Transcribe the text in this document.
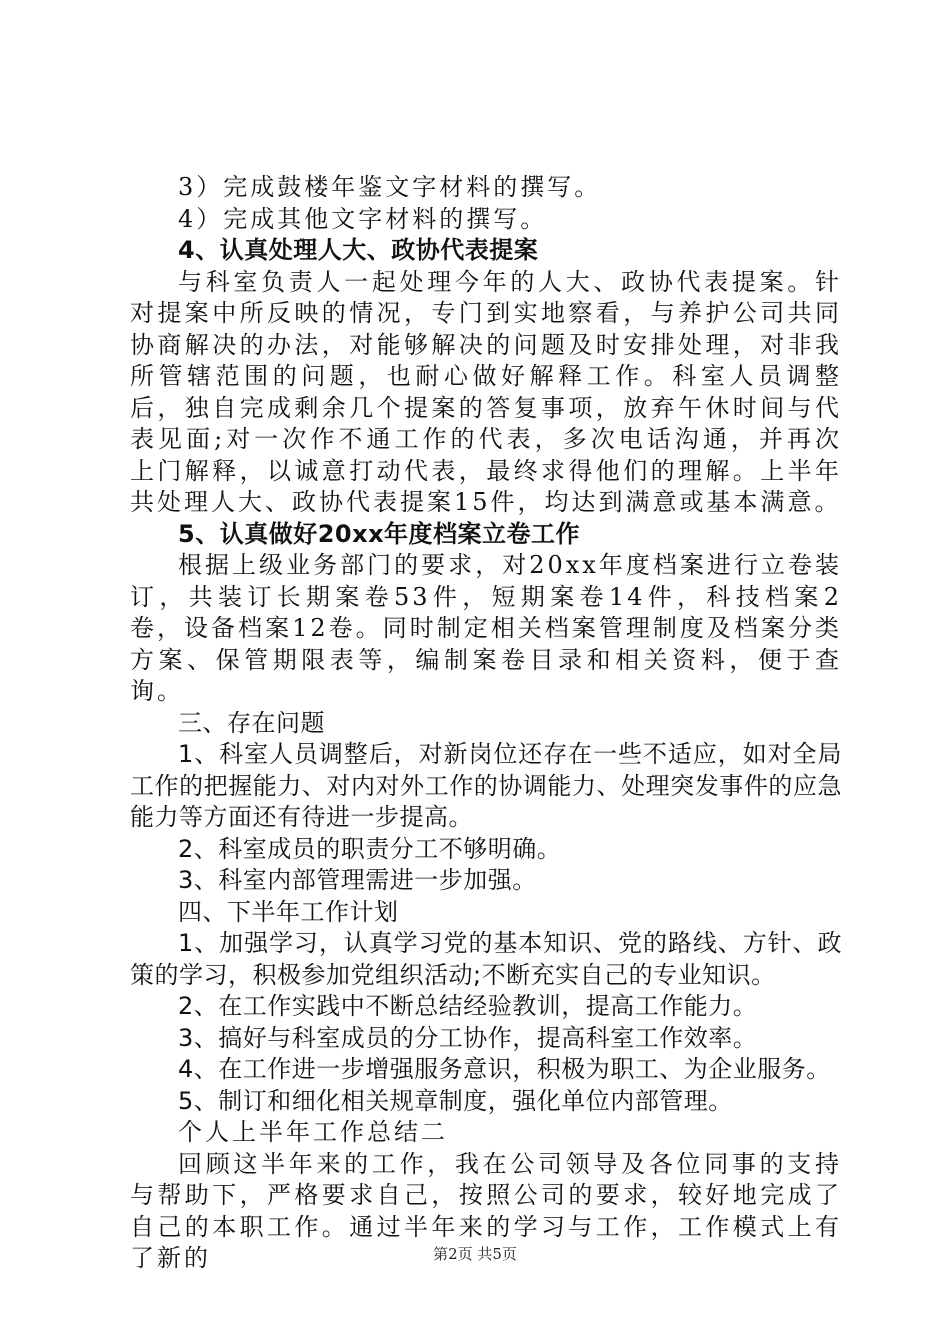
3）完成鼓楼年鉴文字材料的撰写。

4）完成其他文字材料的撰写。

4、认真处理人大、政协代表提案

与科室负责人一起处理今年的人大、政协代表提案。针对提案中所反映的情况，专门到实地察看，与养护公司共同协商解决的办法，对能够解决的问题及时安排处理，对非我所管辖范围的问题，也耐心做好解释工作。科室人员调整后，独自完成剩余几个提案的答复事项，放弃午休时间与代表见面;对一次作不通工作的代表，多次电话沟通，并再次上门解释，以诚意打动代表，最终求得他们的理解。上半年共处理人大、政协代表提案15件，均达到满意或基本满意。

5、认真做好20xx年度档案立卷工作

根据上级业务部门的要求，对20xx年度档案进行立卷装订，共装订长期案卷53件，短期案卷14件，科技档案2卷，设备档案12卷。同时制定相关档案管理制度及档案分类方案、保管期限表等，编制案卷目录和相关资料，便于查询。

三、存在问题

1、科室人员调整后，对新岗位还存在一些不适应，如对全局工作的把握能力、对内对外工作的协调能力、处理突发事件的应急能力等方面还有待进一步提高。

2、科室成员的职责分工不够明确。

3、科室内部管理需进一步加强。

四、下半年工作计划

1、加强学习，认真学习党的基本知识、党的路线、方针、政策的学习，积极参加党组织活动;不断充实自己的专业知识。

2、在工作实践中不断总结经验教训，提高工作能力。

3、搞好与科室成员的分工协作，提高科室工作效率。

4、在工作进一步增强服务意识，积极为职工、为企业服务。

5、制订和细化相关规章制度，强化单位内部管理。

个人上半年工作总结二

回顾这半年来的工作，我在公司领导及各位同事的支持与帮助下，严格要求自己，按照公司的要求，较好地完成了自己的本职工作。通过半年来的学习与工作，工作模式上有了新的	第2页 共5页
